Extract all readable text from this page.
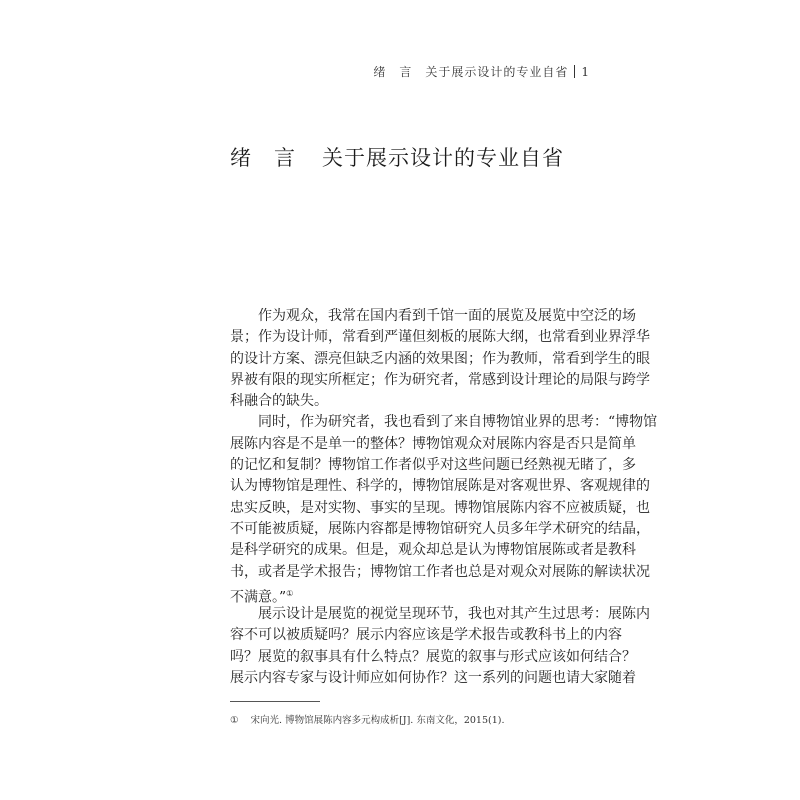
绪　言　关于展示设计的专业自省 1
绪　言 关于展示设计的专业自省
作为观众，我常在国内看到千馆一面的展览及展览中空泛的场
景；作为设计师，常看到严谨但刻板的展陈大纲，也常看到业界浮华
的设计方案、漂亮但缺乏内涵的效果图；作为教师，常看到学生的眼
界被有限的现实所框定；作为研究者，常感到设计理论的局限与跨学
科融合的缺失。
同时，作为研究者，我也看到了来自博物馆业界的思考：“博物馆
展陈内容是不是单一的整体？博物馆观众对展陈内容是否只是简单
的记忆和复制？博物馆工作者似乎对这些问题已经熟视无睹了，多
认为博物馆是理性、科学的，博物馆展陈是对客观世界、客观规律的
忠实反映，是对实物、事实的呈现。博物馆展陈内容不应被质疑，也
不可能被质疑，展陈内容都是博物馆研究人员多年学术研究的结晶，
是科学研究的成果。但是，观众却总是认为博物馆展陈或者是教科
书，或者是学术报告；博物馆工作者也总是对观众对展陈的解读状况
不满意。”①
展示设计是展览的视觉呈现环节，我也对其产生过思考：展陈内
容不可以被质疑吗？展示内容应该是学术报告或教科书上的内容
吗？展览的叙事具有什么特点？展览的叙事与形式应该如何结合？
展示内容专家与设计师应如何协作？这一系列的问题也请大家随着
① 宋向光. 博物馆展陈内容多元构成析[J]. 东南文化，2015(1).
